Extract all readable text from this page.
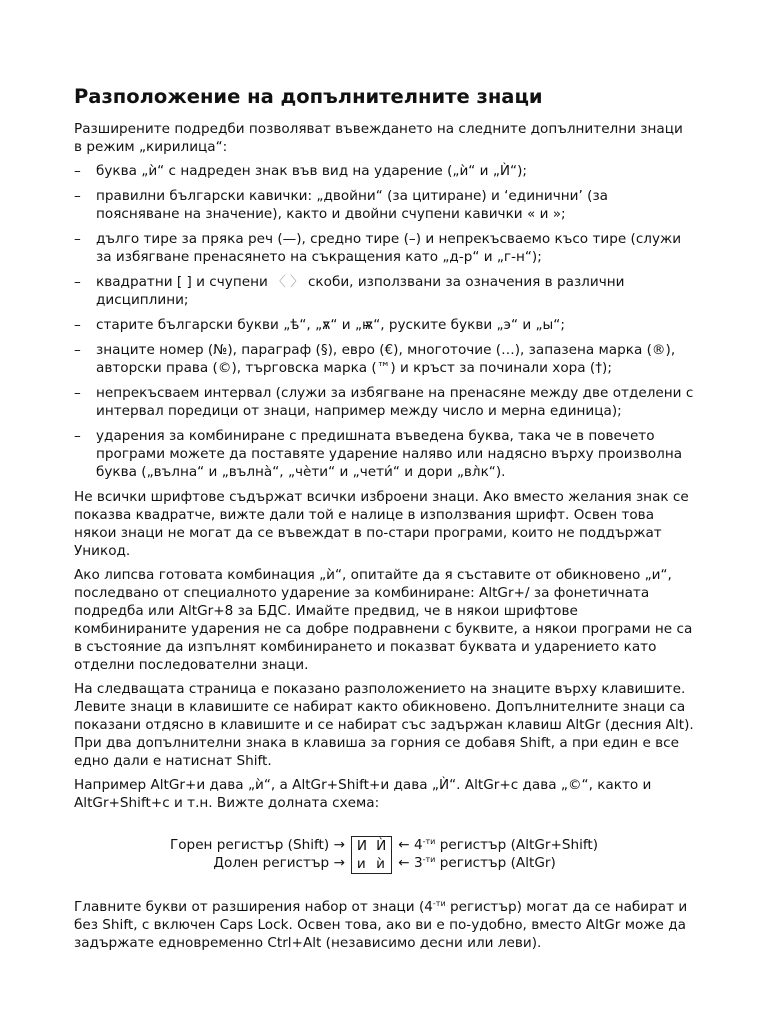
Разположение на допълнителните знаци

Разширените подредби позволяват въвеждането на следните допълнителни знаци в режим „кирилица“:

– буква „ѝ“ с надреден знак във вид на ударение („ѝ“ и „Ѝ“);
– правилни български кавички: „двойни“ (за цитиране) и ‘единични’ (за поясняване на значение), както и двойни счупени кавички « и »;
– дълго тире за пряка реч (—), средно тире (–) и непрекъсваемо късо тире (служи за избягване пренасянето на съкращения като „д‑р“ и „г‑н“);
– квадратни [ ] и счупени 〈 〉 скоби, използвани за означения в различни дисциплини;
– старите български букви „ѣ“, „ѫ“ и „ѭ“, руските букви „э“ и „ы“;
– знаците номер (№), параграф (§), евро (€), многоточие (…), запазена марка (®), авторски права (©), търговска марка (™) и кръст за починали хора (†);
– непрекъсваем интервал (служи за избягване на пренасяне между две отделени с интервал поредици от знаци, например между число и мерна единица);
– ударения за комбиниране с предишната въведена буква, така че в повечето програми можете да поставяте ударение наляво или надясно върху произволна буква („вълна“ и „вълнà“, „чèти“ и „чети́“ и дори „вл̀к“).

Не всички шрифтове съдържат всички изброени знаци. Ако вместо желания знак се показва квадратче, вижте дали той е налице в използвания шрифт. Освен това някои знаци не могат да се въвеждат в по-стари програми, които не поддържат Уникод.

Ако липсва готовата комбинация „ѝ“, опитайте да я съставите от обикновено „и“, последвано от специалното ударение за комбиниране: AltGr+/ за фонетичната подредба или AltGr+8 за БДС. Имайте предвид, че в някои шрифтове комбинираните ударения не са добре подравнени с буквите, а някои програми не са в състояние да изпълнят комбинирането и показват буквата и ударението като отделни последователни знаци.

На следващата страница е показано разположението на знаците върху клавишите. Левите знаци в клавишите се набират както обикновено. Допълнителните знаци са показани отдясно в клавишите и се набират със задържан клавиш AltGr (десния Alt). При два допълнителни знака в клавиша за горния се добавя Shift, а при един е все едно дали е натиснат Shift.

Например AltGr+и дава „ѝ“, а AltGr+Shift+и дава „Ѝ“. AltGr+с дава „©“, както и AltGr+Shift+с и т.н. Вижте долната схема:

Горен регистър (Shift) →
Долен регистър →
И Ѝ
и ѝ
← $4^{-ти}$ регистър (AltGr+Shift)
← $3^{-ти}$ регистър (AltGr)

Главните букви от разширения набор от знаци ($4^{-ти}$ регистър) могат да се набират и без Shift, с включен Caps Lock. Освен това, ако ви е по-удобно, вместо AltGr може да задържате едновременно Ctrl+Alt (независимо десни или леви).
